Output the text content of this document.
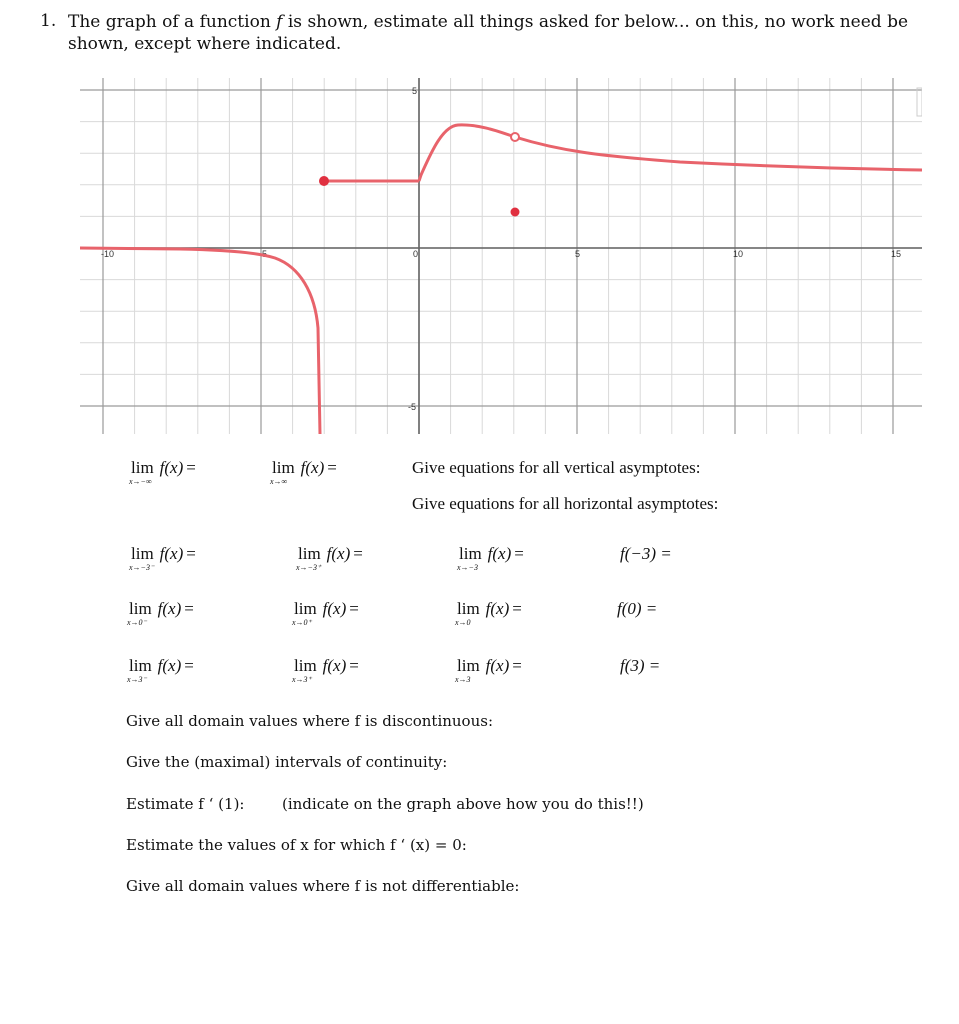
1. The graph of a function f is shown, estimate all things asked for below... on this, no work need be shown, except where indicated.
-10	-5	0	5	10	15
5
-5
lim
x→−∞
f(x) =	lim
x→∞
f(x) =	Give equations for all vertical asymptotes:
Give equations for all horizontal asymptotes:
lim
x→−3⁻
f(x) =	lim
x→−3⁺
f(x) =	lim
x→−3
f(x) =	f(−3) =
lim
x→0⁻
f(x) =	lim
x→0⁺
f(x) =	lim
x→0
f(x) =	f(0) =
lim
x→3⁻
f(x) =	lim
x→3⁺
f(x) =	lim
x→3
f(x) =	f(3) =
Give all domain values where f is discontinuous:
Give the (maximal) intervals of continuity:
Estimate f ‘ (1):	(indicate on the graph above how you do this!!)
Estimate the values of x for which f ‘ (x) = 0:
Give all domain values where f is not differentiable:
